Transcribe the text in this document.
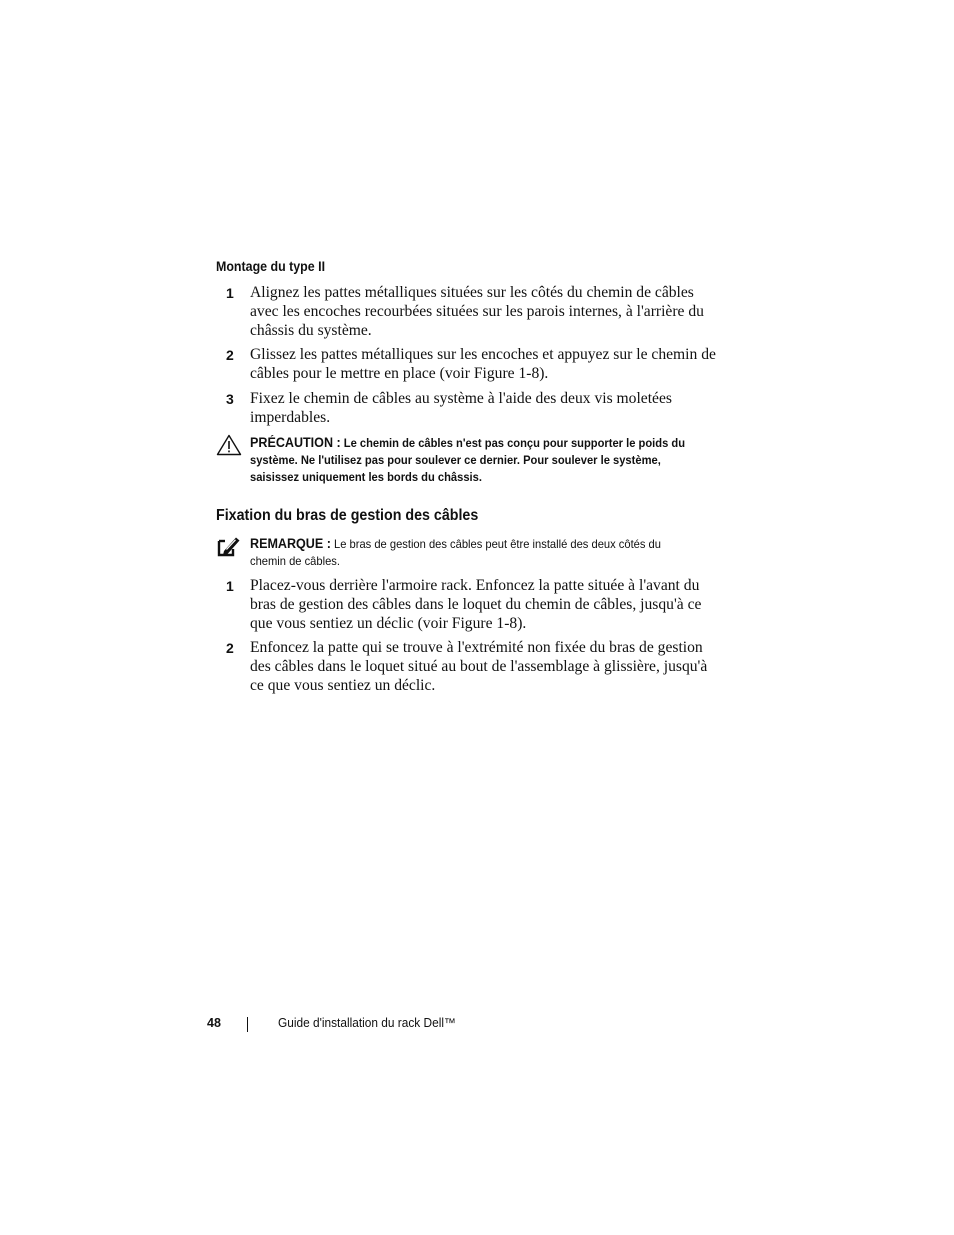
Montage du type II
1 Alignez les pattes métalliques situées sur les côtés du chemin de câbles avec les encoches recourbées situées sur les parois internes, à l'arrière du châssis du système.
2 Glissez les pattes métalliques sur les encoches et appuyez sur le chemin de câbles pour le mettre en place (voir Figure 1-8).
3 Fixez le chemin de câbles au système à l'aide des deux vis moletées imperdables.
PRÉCAUTION : Le chemin de câbles n'est pas conçu pour supporter le poids du système. Ne l'utilisez pas pour soulever ce dernier. Pour soulever le système, saisissez uniquement les bords du châssis.
Fixation du bras de gestion des câbles
REMARQUE : Le bras de gestion des câbles peut être installé des deux côtés du chemin de câbles.
1 Placez-vous derrière l'armoire rack. Enfoncez la patte située à l'avant du bras de gestion des câbles dans le loquet du chemin de câbles, jusqu'à ce que vous sentiez un déclic (voir Figure 1-8).
2 Enfoncez la patte qui se trouve à l'extrémité non fixée du bras de gestion des câbles dans le loquet situé au bout de l'assemblage à glissière, jusqu'à ce que vous sentiez un déclic.
48	Guide d'installation du rack Dell™
